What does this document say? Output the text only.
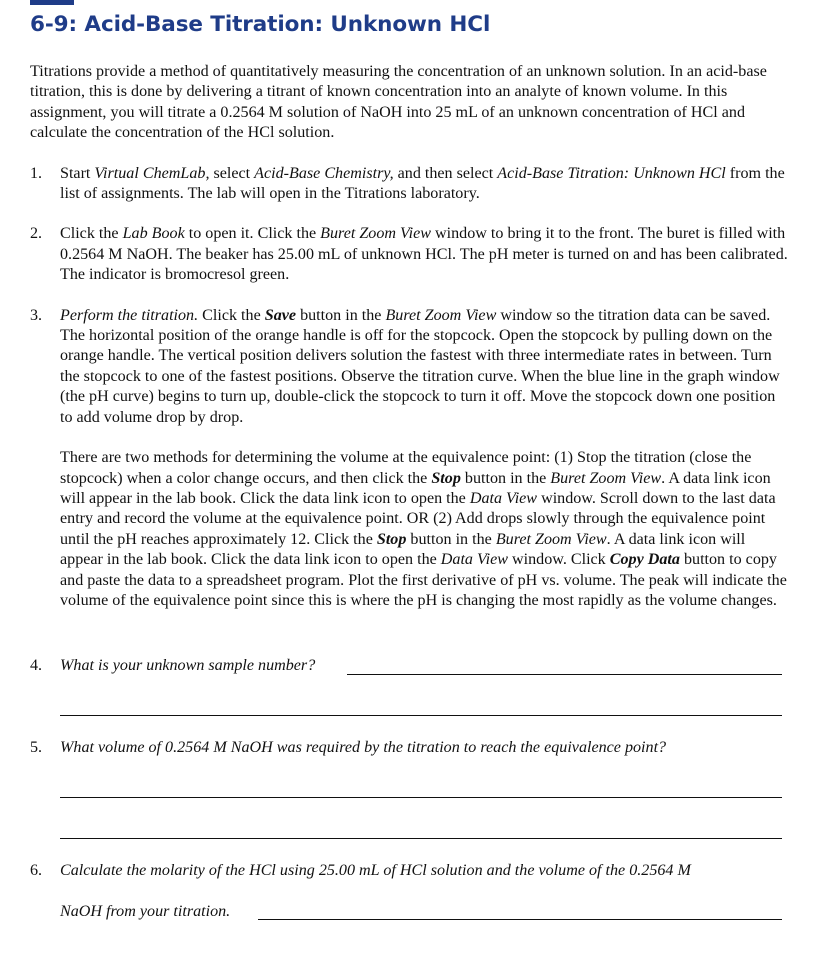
6-9: Acid-Base Titration: Unknown HCl

Titrations provide a method of quantitatively measuring the concentration of an unknown solution. In an acid-base titration, this is done by delivering a titrant of known concentration into an analyte of known volume. In this assignment, you will titrate a 0.2564 M solution of NaOH into 25 mL of an unknown concentration of HCl and calculate the concentration of the HCl solution.

1.	Start Virtual ChemLab, select Acid-Base Chemistry, and then select Acid-Base Titration: Unknown HCl from the list of assignments. The lab will open in the Titrations laboratory.

2.	Click the Lab Book to open it. Click the Buret Zoom View window to bring it to the front. The buret is filled with 0.2564 M NaOH. The beaker has 25.00 mL of unknown HCl. The pH meter is turned on and has been calibrated. The indicator is bromocresol green.

3.	Perform the titration. Click the Save button in the Buret Zoom View window so the titration data can be saved. The horizontal position of the orange handle is off for the stopcock. Open the stopcock by pulling down on the orange handle. The vertical position delivers solution the fastest with three intermediate rates in between. Turn the stopcock to one of the fastest positions. Observe the titration curve. When the blue line in the graph window (the pH curve) begins to turn up, double-click the stopcock to turn it off. Move the stopcock down one position to add volume drop by drop.

There are two methods for determining the volume at the equivalence point: (1) Stop the titration (close the stopcock) when a color change occurs, and then click the Stop button in the Buret Zoom View. A data link icon will appear in the lab book. Click the data link icon to open the Data View window. Scroll down to the last data entry and record the volume at the equivalence point. OR (2) Add drops slowly through the equivalence point until the pH reaches approximately 12. Click the Stop button in the Buret Zoom View. A data link icon will appear in the lab book. Click the data link icon to open the Data View window. Click Copy Data button to copy and paste the data to a spreadsheet program. Plot the first derivative of pH vs. volume. The peak will indicate the volume of the equivalence point since this is where the pH is changing the most rapidly as the volume changes.

4. What is your unknown sample number?
5. What volume of 0.2564 M NaOH was required by the titration to reach the equivalence point?
6. Calculate the molarity of the HCl using 25.00 mL of HCl solution and the volume of the 0.2564 M
NaOH from your titration.
